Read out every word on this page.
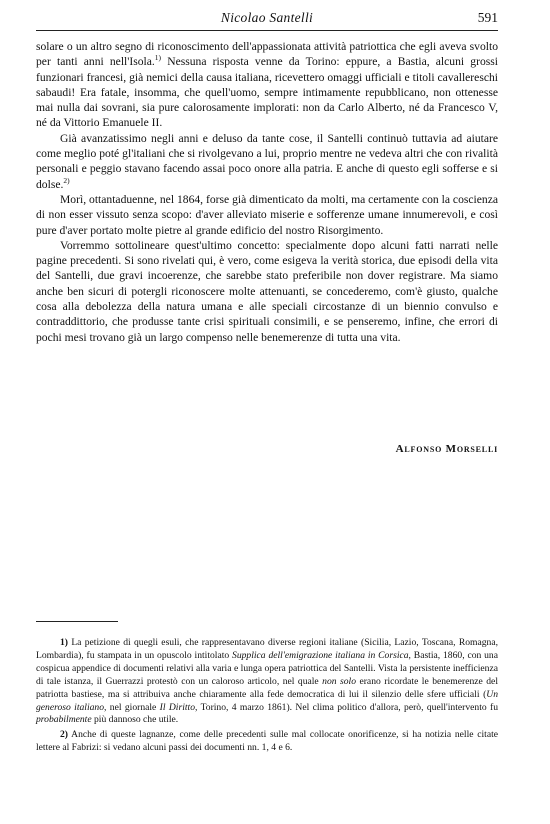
Nicolao Santelli	591

solare o un altro segno di riconoscimento dell'appassionata attività patriottica che egli aveva svolto per tanti anni nell'Isola.$^{1)}$ Nessuna risposta venne da Torino: eppure, a Bastia, alcuni grossi funzionari francesi, già nemici della causa italiana, ricevettero omaggi ufficiali e titoli cavallereschi sabaudi! Era fatale, insomma, che quell'uomo, sempre intimamente repubblicano, non ottenesse mai nulla dai sovrani, sia pure calorosamente implorati: non da Carlo Alberto, né da Francesco V, né da Vittorio Emanuele II.

Già avanzatissimo negli anni e deluso da tante cose, il Santelli continuò tuttavia ad aiutare come meglio poté gl'italiani che si rivolgevano a lui, proprio mentre ne vedeva altri che con rivalità personali e peggio stavano facendo assai poco onore alla patria. E anche di questo egli sofferse e si dolse.$^{2)}$

Morì, ottantaduenne, nel 1864, forse già dimenticato da molti, ma certamente con la coscienza di non esser vissuto senza scopo: d'aver alleviato miserie e sofferenze umane innumerevoli, e così pure d'aver portato molte pietre al grande edificio del nostro Risorgimento.

Vorremmo sottolineare quest'ultimo concetto: specialmente dopo alcuni fatti narrati nelle pagine precedenti. Si sono rivelati qui, è vero, come esigeva la verità storica, due episodi della vita del Santelli, due gravi incoerenze, che sarebbe stato preferibile non dover registrare. Ma siamo anche ben sicuri di potergli riconoscere molte attenuanti, se concederemo, com'è giusto, qualche cosa alla debolezza della natura umana e alle speciali circostanze di un biennio convulso e contraddittorio, che produsse tante crisi spirituali consimili, e se penseremo, infine, che errori di pochi mesi trovano già un largo compenso nelle benemerenze di tutta una vita.

Alfonso Morselli

1) La petizione di quegli esuli, che rappresentavano diverse regioni italiane (Sicilia, Lazio, Toscana, Romagna, Lombardia), fu stampata in un opuscolo intitolato Supplica dell'emigrazione italiana in Corsica, Bastia, 1860, con una cospicua appendice di documenti relativi alla varia e lunga opera patriottica del Santelli. Vista la persistente inefficienza di tale istanza, il Guerrazzi protestò con un caloroso articolo, nel quale non solo erano ricordate le benemerenze del patriotta bastiese, ma si attribuiva anche chiaramente alla fede democratica di lui il silenzio delle sfere ufficiali (Un generoso italiano, nel giornale Il Diritto, Torino, 4 marzo 1861). Nel clima politico d'allora, però, quell'intervento fu probabilmente più dannoso che utile.

2) Anche di queste lagnanze, come delle precedenti sulle mal collocate onorificenze, si ha notizia nelle citate lettere al Fabrizi: si vedano alcuni passi dei documenti nn. 1, 4 e 6.
